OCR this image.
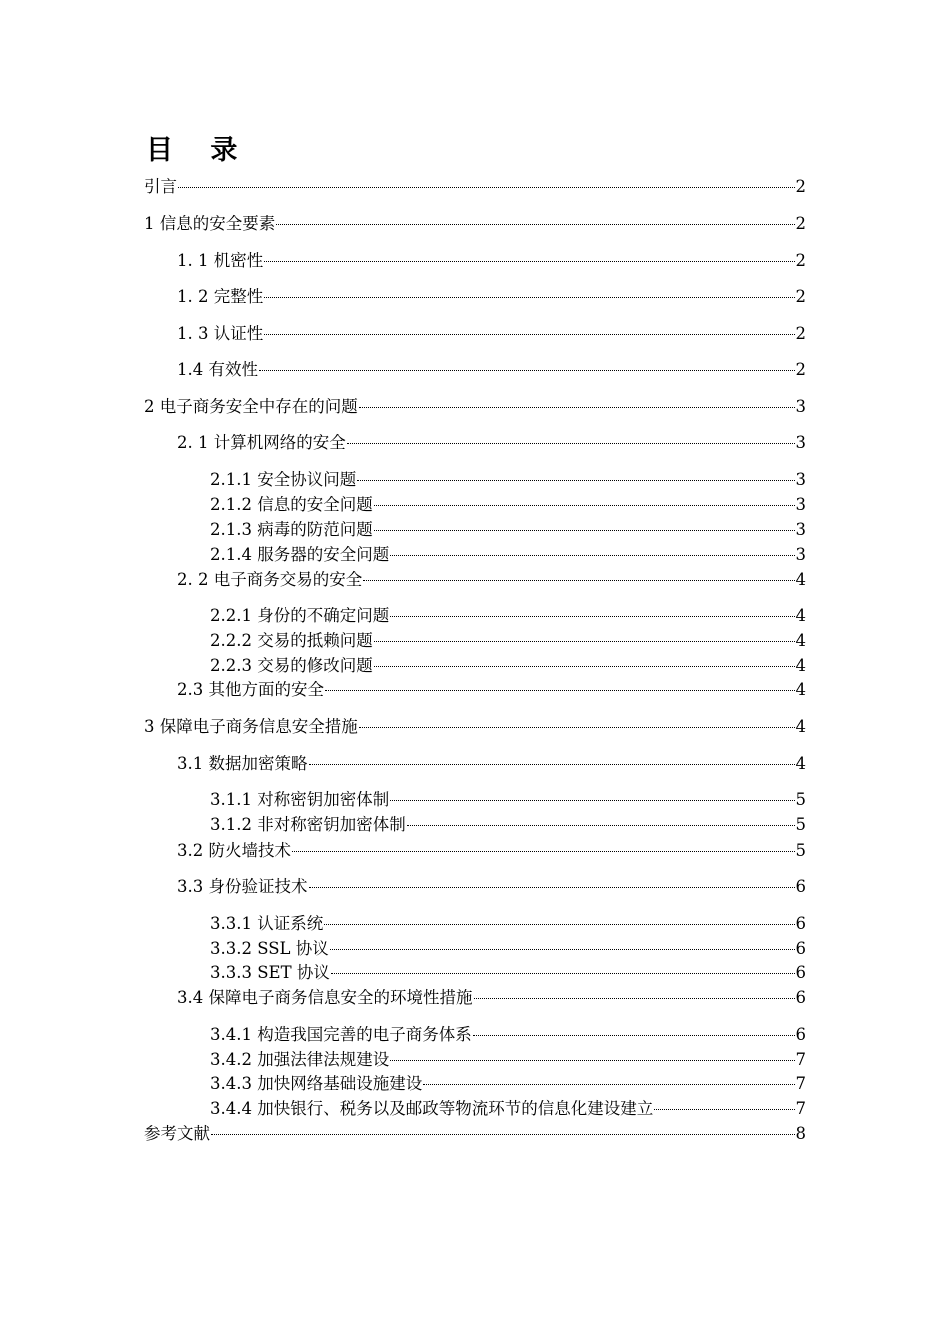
目 录
引言	2
1 信息的安全要素	2
1. 1 机密性	2
1. 2 完整性	2
1. 3 认证性	2
1.4 有效性	2
2 电子商务安全中存在的问题	3
2. 1 计算机网络的安全	3
2.1.1 安全协议问题	3
2.1.2 信息的安全问题	3
2.1.3 病毒的防范问题	3
2.1.4 服务器的安全问题	3
2. 2 电子商务交易的安全	4
2.2.1 身份的不确定问题	4
2.2.2 交易的抵赖问题	4
2.2.3 交易的修改问题	4
2.3 其他方面的安全	4
3 保障电子商务信息安全措施	4
3.1 数据加密策略	4
3.1.1 对称密钥加密体制	5
3.1.2 非对称密钥加密体制	5
3.2 防火墙技术	5
3.3 身份验证技术	6
3.3.1 认证系统	6
3.3.2 SSL 协议	6
3.3.3 SET 协议	6
3.4 保障电子商务信息安全的环境性措施	6
3.4.1 构造我国完善的电子商务体系	6
3.4.2 加强法律法规建设	7
3.4.3 加快网络基础设施建设	7
3.4.4 加快银行、税务以及邮政等物流环节的信息化建设建立	7
参考文献	8
